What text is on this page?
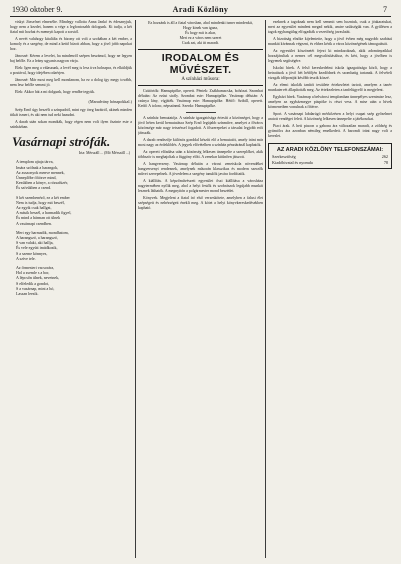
1930 oktober 9.	Aradi Közlöny	7

viskyi Józsefnei elmesélte. Mindegy vallotta Anna Jankó és édesanyjuk, hogy nem a kezdet, hanem a vége a legfontosabb dologunk. Ki tudja, a két fiatal mit hozhat és mennyit kapott a sorstól.

A nevét valahogy kitalálta és bizony ott volt a szobában a két ember, a komoly és a szegény, de mind a kettő bízott abban, hogy a jövő jobb napokat hoz.

Jánosné: Kérem a levelet, ha mindenről szépen beszámol, hogy ne legyen baj belőle. Ez a leány ugyanis nagyon várja.

Elek: Igen meg a válaszunk, a levél meg is lesz írva holnapra, és elküldjük a postával, hogy idejében odaérjen.

Jánosné: Már most meg kell mondanom, ha ez a dolog így megy tovább, nem lesz belőle semmi jó.

Elek: Akkor hát a mi dolgunk, hogy rendbe tegyük.

(Maradvány hónapokkal.)

Szép Ernő úgy beszélt a színpadról, mint egy öreg barátról, akinek minden titkát ismeri, és aki nem tud neki hazudni.

A darab után sokan mondták, hogy régen nem volt ilyen őszinte este a színházban.

Vasárnapi strófák.
Irta: Mérszáll ... (Mó Mérszáll ...)
A templom ajtaja tárva,
Imára szólnak a harangok,
Az asszonyok menve mennek,
Ünneplőbe öltözve mind,
Kezükben a könyv, a rózsafüzér,
És szívükben a csend.
S két szembenéző, ez a két ember
Nem is tudja, hogy mit beszél,
Az egyik csak hallgat,
A másik beszél, a harmadik figyel,
És mind a hárman ott ülnek
A vasárnapi csendben.
Mert egy harmadik, mondhatom,
A harangszó, a harangszó,
S van valaki, aki hallja,
És vele együtt imádkozik,
S a szeme könnyes,
A szíve tele.
Az őrmesteri vacsorára,
Hol a zsemle s a bor,
A lépcsőn ülnek, nevetnek,
S elfeledik a gondot,
S a vasárnap, mint a hó,
Lassan leesik.
Ez hozzánk is áll a fiatal városban, ahol mindenki ismer mindenkit,
Hogy kinek van igaza,
És hogy mit is akar,
Mert ez a város nem szeret
Csak azt, aki itt maradt.
IRODALOM ÉS MŰVÉSZET.
A színházi műsora:

Csütörtök: Hamupipőke, operett. Péntek: Zsákbamacska, bohózat. Szombat délután: Az ezüst sirály. Szombat este: Hamupipőke. Vasárnap délután: A csúnya lány, vígjáték. Vasárnap este: Hamupipőke. Hétfő: Szibill, operett. Kedd: A tolonc, népszínmű. Szerda: Hamupipőke.

A színház bemutatója. A szinház igazgatósága értesíti a közönséget, hogy a jövő héten kerül bemutatásra Szép Ernő legújabb színműve, amelyet a főváros közönsége már nagy tetszéssel fogadott. A főszerepeket a társulat legjobb erői játsszák.

A darab rendezője különös gonddal készíti elő a bemutatót, amely iránt már most nagy az érdeklődés. A jegyek elővételben a színház pénztáránál kaphatók.

Az operett előadása után a közönség lelkesen ünnepelte a szereplőket, akik többször is meghajoltak a függöny előtt. A zenekar kitűnően játszott.

A hangverseny. Vasárnap délután a városi zeneiskola növendékei hangversenyt rendeznek, amelynek műsorán klasszikus és modern szerzők művei szerepelnek. A jövedelem a szegény tanulók javára fordíttatik.

A kiállítás. A képzőművészeti egyesület őszi kiállítása a városháza nagytermében nyílik meg, ahol a helyi festők és szobrászok legújabb munkái lesznek láthatók. A megnyitón a polgármester mond beszédet.

Könyvek. Megjelent a fiatal író első verseskötete, amelyben a falusi élet szépségeit és nehézségeit énekli meg. A kötet a helyi könyvkereskedésekben kapható.

ezeknek a tagoknak nem kell semmit sem hozniuk, csak a jóakaratukat, mert az egyesület mindent megad nekik, amire szükségük van. A gyűlésen a tagok egyhangúlag elfogadták a vezetőség javaslatát.

A bizottság elnöke kijelentette, hogy a jövő évben még nagyobb szabású munkát kívánnak végezni, és ehhez kérik a város közönségének támogatását.

Az egyesület köszönetét fejezi ki mindazoknak, akik adományaikkal hozzájárultak a nemes cél megvalósításához, és kéri, hogy a jövőben is legyenek segítségére.

Iskolai hírek. A felső kereskedelmi iskola igazgatósága közli, hogy a beiratások a jövő hét hétfőjén kezdődnek és szombatig tartanak. A felvételi vizsgák időpontját később teszik közzé.

Az elemi iskolák tanítói testülete értekezletet tartott, amelyen a tanév munkatervét állapították meg. Az értekezleten a tanfelügyelő is megjelent.

Egyházi hírek. Vasárnap a belvárosi templomban ünnepélyes szentmise lesz, amelyen az egyházmegye püspöke is részt vesz. A mise után a hívek körmenetben vonulnak a főtérre.

Sport. A vasárnapi labdarúgó mérkőzésen a helyi csapat szép győzelmet aratott vendégei felett. A közönség lelkesen ünnepelte a játékosokat.

Piaci árak. A heti piacon a gabona ára változatlan maradt, a zöldség és gyümölcs ára azonban némileg emelkedett. A baromfi iránt nagy volt a kereslet.

AZ ARADI KÖZLÖNY TELEFONSZÁMAI:
Szerkesztőség	262
Kiadóhivatal és nyomda	78
